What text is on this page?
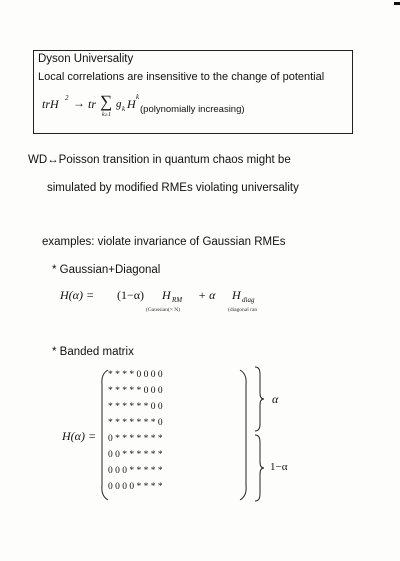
Dyson Universality
Local correlations are insensitive to the change of potential
trH 2 → tr ∑
k≥1
g k H k
(polynomially increasing)
WD↔Poisson transition in quantum chaos might be
simulated by modified RMEs violating universality
examples: violate invariance of Gaussian RMEs
* Gaussian+Diagonal
H(α) = (1−α) H RM + α H diag
(Gaussian(× N)	(diagonal ran
* Banded matrix
H(α) =
* * * * 0 0 0 0
* * * * * 0 0 0
* * * * * * 0 0
* * * * * * * 0
0 * * * * * * *
0 0 * * * * * *
0 0 0 * * * * *
0 0 0 0 * * * *
α
1−α
